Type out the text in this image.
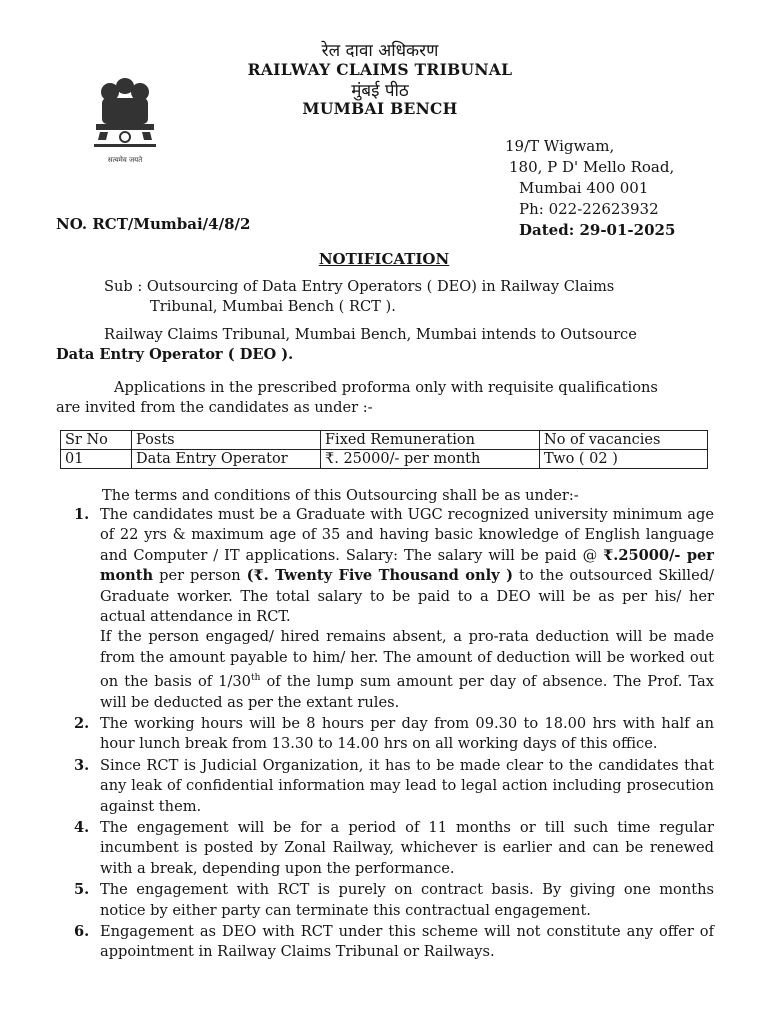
सत्यमेव जयते
रेल दावा अधिकरण
RAILWAY CLAIMS TRIBUNAL
मुंबई पीठ
MUMBAI BENCH
19/T Wigwam,
180, P D' Mello Road,
Mumbai 400 001
Ph: 022-22623932
Dated: 29-01-2025
NO. RCT/Mumbai/4/8/2
NOTIFICATION
Sub : Outsourcing of Data Entry Operators ( DEO) in Railway Claims
Tribunal, Mumbai Bench ( RCT ).
Railway Claims Tribunal, Mumbai Bench, Mumbai intends to Outsource
Data Entry Operator ( DEO ).
Applications in the prescribed proforma only with requisite qualifications
are invited from the candidates as under :-
Sr No	Posts	Fixed Remuneration	No of vacancies
01	Data Entry Operator	₹. 25000/- per month	Two ( 02 )
The terms and conditions of this Outsourcing shall be as under:-
1. The candidates must be a Graduate with UGC recognized university minimum age of 22 yrs & maximum age of 35 and having basic knowledge of English language and Computer / IT applications. Salary: The salary will be paid @ ₹.25000/- per month per person (₹. Twenty Five Thousand only ) to the outsourced Skilled/ Graduate worker. The total salary to be paid to a DEO will be as per his/ her actual attendance in RCT.

If the person engaged/ hired remains absent, a pro-rata deduction will be made from the amount payable to him/ her. The amount of deduction will be worked out on the basis of 1/30th of the lump sum amount per day of absence. The Prof. Tax will be deducted as per the extant rules.

2. The working hours will be 8 hours per day from 09.30 to 18.00 hrs with half an hour lunch break from 13.30 to 14.00 hrs on all working days of this office.

3. Since RCT is Judicial Organization, it has to be made clear to the candidates that any leak of confidential information may lead to legal action including prosecution against them.

4. The engagement will be for a period of 11 months or till such time regular incumbent is posted by Zonal Railway, whichever is earlier and can be renewed with a break, depending upon the performance.

5. The engagement with RCT is purely on contract basis. By giving one months notice by either party can terminate this contractual engagement.

6. Engagement as DEO with RCT under this scheme will not constitute any offer of appointment in Railway Claims Tribunal or Railways.
